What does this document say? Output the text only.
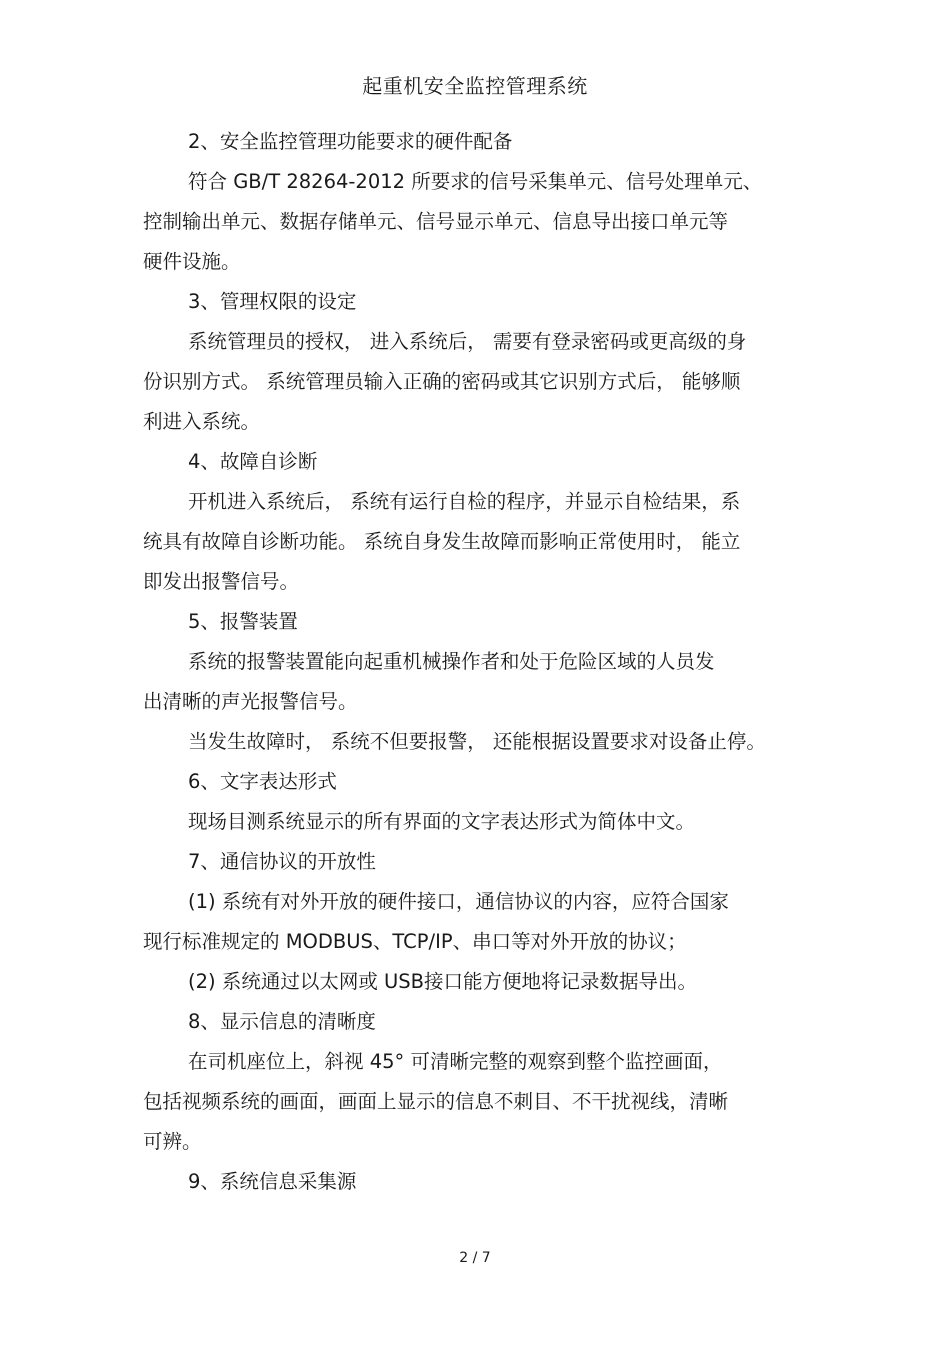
起重机安全监控管理系统
2、安全监控管理功能要求的硬件配备
符合 GB/T 28264-2012 所要求的信号采集单元、信号处理单元、
控制输出单元、数据存储单元、信号显示单元、信息导出接口单元等
硬件设施。
3、管理权限的设定
系统管理员的授权， 进入系统后， 需要有登录密码或更高级的身
份识别方式。 系统管理员输入正确的密码或其它识别方式后， 能够顺
利进入系统。
4、故障自诊断
开机进入系统后， 系统有运行自检的程序，并显示自检结果，系
统具有故障自诊断功能。 系统自身发生故障而影响正常使用时， 能立
即发出报警信号。
5、报警装置
系统的报警装置能向起重机械操作者和处于危险区域的人员发
出清晰的声光报警信号。
当发生故障时， 系统不但要报警， 还能根据设置要求对设备止停。
6、文字表达形式
现场目测系统显示的所有界面的文字表达形式为简体中文。
7、通信协议的开放性
(1) 系统有对外开放的硬件接口，通信协议的内容，应符合国家
现行标准规定的 MODBUS、TCP/IP、串口等对外开放的协议；
(2) 系统通过以太网或 USB接口能方便地将记录数据导出。
8、显示信息的清晰度
在司机座位上，斜视 45° 可清晰完整的观察到整个监控画面，
包括视频系统的画面，画面上显示的信息不刺目、不干扰视线，清晰
可辨。
9、系统信息采集源
2 / 7
